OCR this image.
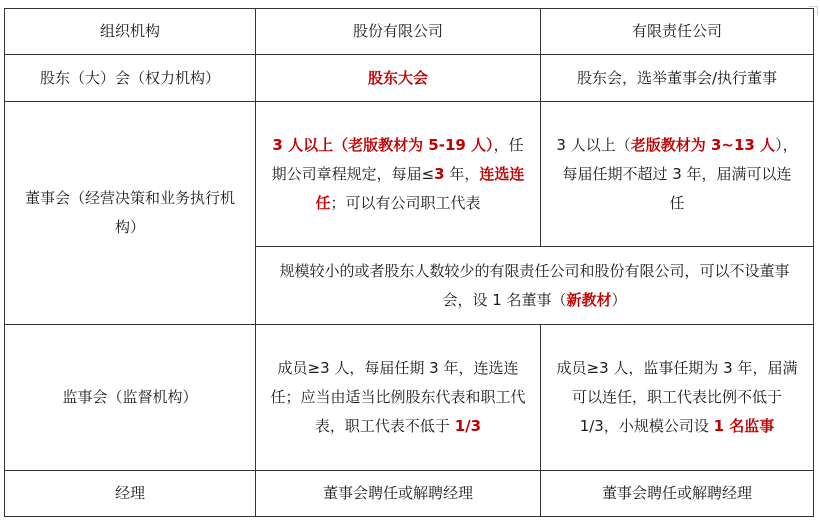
组织机构	股份有限公司	有限责任公司
股东（大）会（权力机构）	股东大会	股东会，选举董事会/执行董事
董事会（经营决策和业务执行机构）	3 人以上（老版教材为 5-19 人），任期公司章程规定，每届≤3 年，连选连任；可以有公司职工代表	3 人以上（老版教材为 3~13 人），每届任期不超过 3 年，届满可以连任
	规模较小的或者股东人数较少的有限责任公司和股份有限公司，可以不设董事会，设 1 名董事（新教材）	
监事会（监督机构）	成员≥3 人，每届任期 3 年，连选连任；应当由适当比例股东代表和职工代表，职工代表不低于 1/3	成员≥3 人，监事任期为 3 年，届满可以连任，职工代表比例不低于 1/3，小规模公司设 1 名监事
经理	董事会聘任或解聘经理	董事会聘任或解聘经理
